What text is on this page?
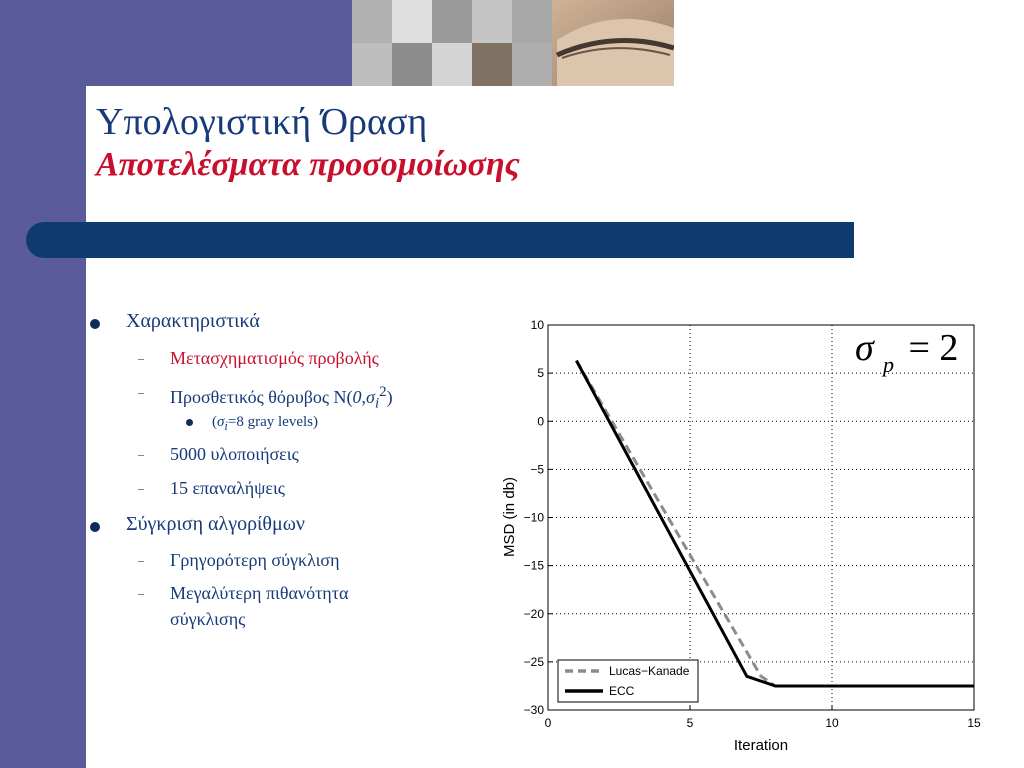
Υπολογιστική Όραση
Αποτελέσματα προσομοίωσης
Χαρακτηριστικά
– Μετασχηματισμός προβολής
– Προσθετικός θόρυβος $N(0,\sigma_i^2)$
($\sigma_i=8$ gray levels)
– 5000 υλοποιήσεις
– 15 επαναλήψεις
Σύγκριση αλγορίθμων
– Γρηγορότερη σύγκλιση
– Μεγαλύτερη πιθανότητα
σύγκλισης
0	5	10	15
10
5
0
−5
−10
−15
−20
−25
−30
Iteration
MSD (in db)
σ p = 2
Lucas−Kanade
ECC
